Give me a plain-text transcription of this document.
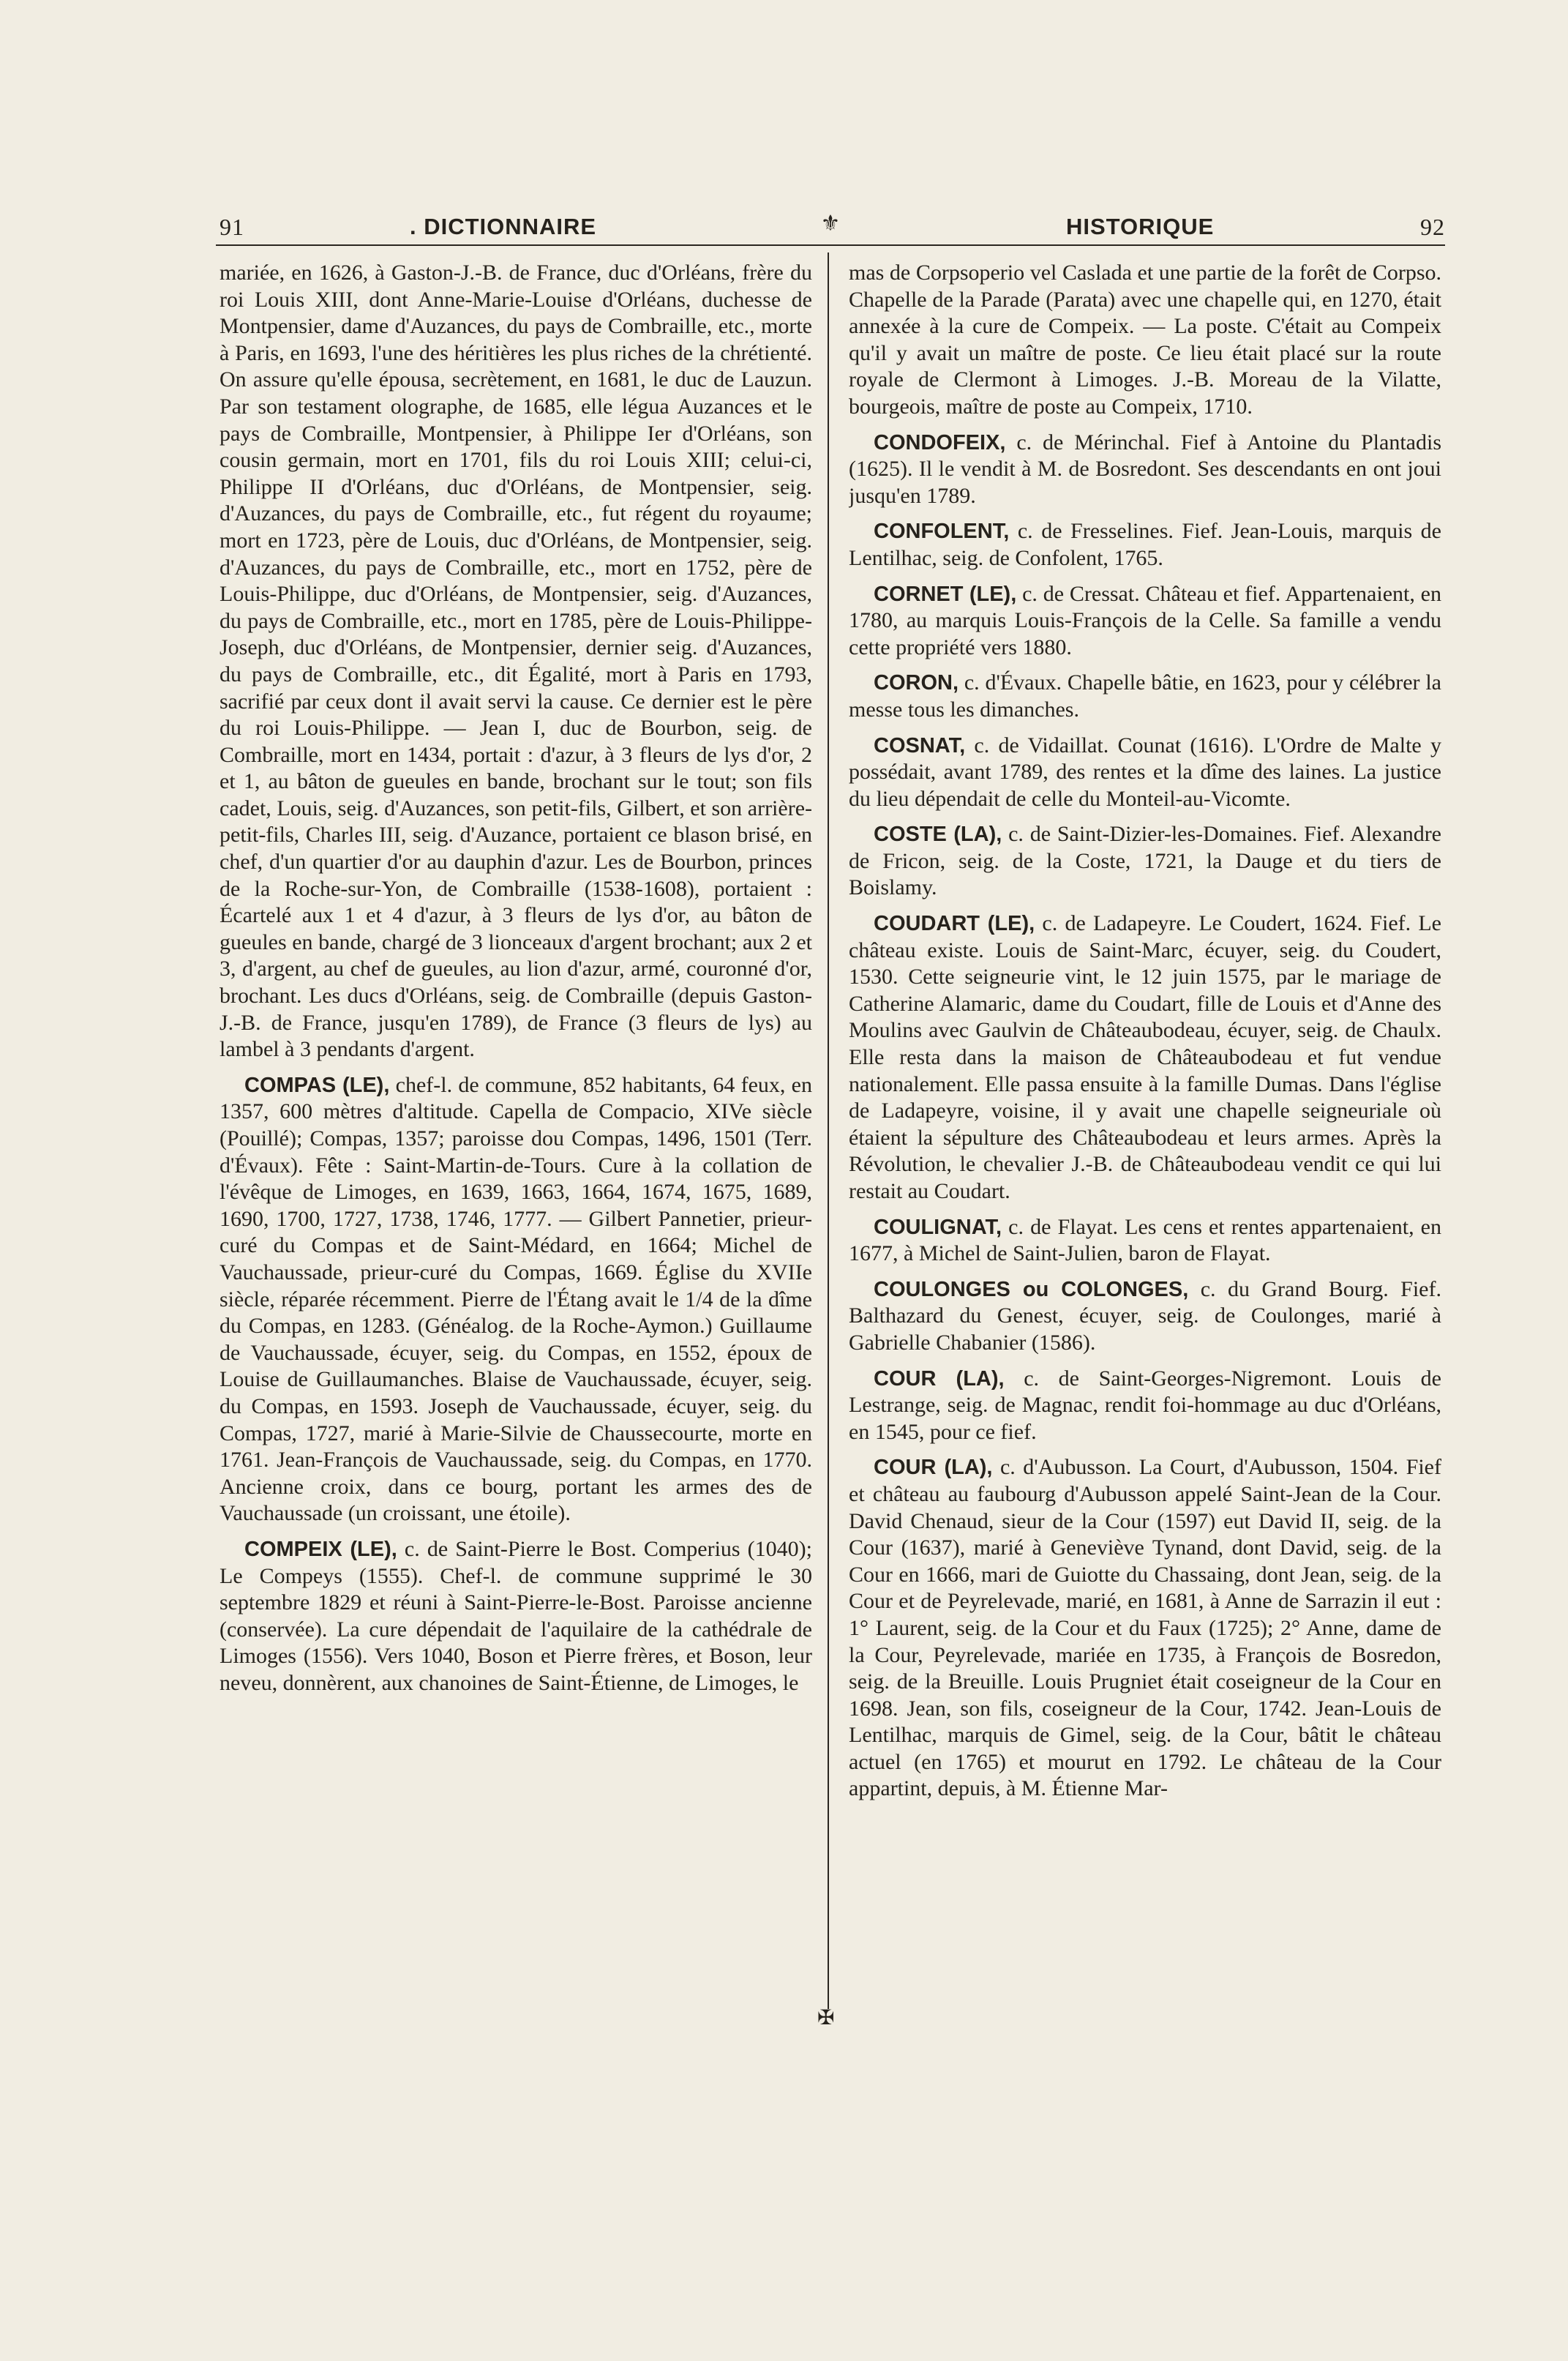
91	. DICTIONNAIRE	⚜	HISTORIQUE	92
✠

mariée, en 1626, à Gaston-J.-B. de France, duc d'Orléans, frère du roi Louis XIII, dont Anne-Marie-Louise d'Orléans, duchesse de Montpensier, dame d'Auzances, du pays de Combraille, etc., morte à Paris, en 1693, l'une des héritières les plus riches de la chrétienté. On assure qu'elle épousa, secrètement, en 1681, le duc de Lauzun. Par son testament olographe, de 1685, elle légua Auzances et le pays de Combraille, Montpensier, à Philippe Ier d'Orléans, son cousin germain, mort en 1701, fils du roi Louis XIII; celui-ci, Philippe II d'Orléans, duc d'Orléans, de Montpensier, seig. d'Auzances, du pays de Combraille, etc., fut régent du royaume; mort en 1723, père de Louis, duc d'Orléans, de Montpensier, seig. d'Auzances, du pays de Combraille, etc., mort en 1752, père de Louis-Philippe, duc d'Orléans, de Montpensier, seig. d'Auzances, du pays de Combraille, etc., mort en 1785, père de Louis-Philippe-Joseph, duc d'Orléans, de Montpensier, dernier seig. d'Auzances, du pays de Combraille, etc., dit Égalité, mort à Paris en 1793, sacrifié par ceux dont il avait servi la cause. Ce dernier est le père du roi Louis-Philippe. — Jean I, duc de Bourbon, seig. de Combraille, mort en 1434, portait : d'azur, à 3 fleurs de lys d'or, 2 et 1, au bâton de gueules en bande, brochant sur le tout; son fils cadet, Louis, seig. d'Auzances, son petit-fils, Gilbert, et son arrière-petit-fils, Charles III, seig. d'Auzance, portaient ce blason brisé, en chef, d'un quartier d'or au dauphin d'azur. Les de Bourbon, princes de la Roche-sur-Yon, de Combraille (1538-1608), portaient : Écartelé aux 1 et 4 d'azur, à 3 fleurs de lys d'or, au bâton de gueules en bande, chargé de 3 lionceaux d'argent brochant; aux 2 et 3, d'argent, au chef de gueules, au lion d'azur, armé, couronné d'or, brochant. Les ducs d'Orléans, seig. de Combraille (depuis Gaston-J.-B. de France, jusqu'en 1789), de France (3 fleurs de lys) au lambel à 3 pendants d'argent.

COMPAS (LE), chef-l. de commune, 852 habitants, 64 feux, en 1357, 600 mètres d'altitude. Capella de Compacio, XIVe siècle (Pouillé); Compas, 1357; paroisse dou Compas, 1496, 1501 (Terr. d'Évaux). Fête : Saint-Martin-de-Tours. Cure à la collation de l'évêque de Limoges, en 1639, 1663, 1664, 1674, 1675, 1689, 1690, 1700, 1727, 1738, 1746, 1777. — Gilbert Pannetier, prieur-curé du Compas et de Saint-Médard, en 1664; Michel de Vauchaussade, prieur-curé du Compas, 1669. Église du XVIIe siècle, réparée récemment. Pierre de l'Étang avait le 1/4 de la dîme du Compas, en 1283. (Généalog. de la Roche-Aymon.) Guillaume de Vauchaussade, écuyer, seig. du Compas, en 1552, époux de Louise de Guillaumanches. Blaise de Vauchaussade, écuyer, seig. du Compas, en 1593. Joseph de Vauchaussade, écuyer, seig. du Compas, 1727, marié à Marie-Silvie de Chaussecourte, morte en 1761. Jean-François de Vauchaussade, seig. du Compas, en 1770. Ancienne croix, dans ce bourg, portant les armes des de Vauchaussade (un croissant, une étoile).

COMPEIX (LE), c. de Saint-Pierre le Bost. Comperius (1040); Le Compeys (1555). Chef-l. de commune supprimé le 30 septembre 1829 et réuni à Saint-Pierre-le-Bost. Paroisse ancienne (conservée). La cure dépendait de l'aquilaire de la cathédrale de Limoges (1556). Vers 1040, Boson et Pierre frères, et Boson, leur neveu, donnèrent, aux chanoines de Saint-Étienne, de Limoges, le

mas de Corpsoperio vel Caslada et une partie de la forêt de Corpso. Chapelle de la Parade (Parata) avec une chapelle qui, en 1270, était annexée à la cure de Compeix. — La poste. C'était au Compeix qu'il y avait un maître de poste. Ce lieu était placé sur la route royale de Clermont à Limoges. J.-B. Moreau de la Vilatte, bourgeois, maître de poste au Compeix, 1710.

CONDOFEIX, c. de Mérinchal. Fief à Antoine du Plantadis (1625). Il le vendit à M. de Bosredont. Ses descendants en ont joui jusqu'en 1789.

CONFOLENT, c. de Fresselines. Fief. Jean-Louis, marquis de Lentilhac, seig. de Confolent, 1765.

CORNET (LE), c. de Cressat. Château et fief. Appartenaient, en 1780, au marquis Louis-François de la Celle. Sa famille a vendu cette propriété vers 1880.

CORON, c. d'Évaux. Chapelle bâtie, en 1623, pour y célébrer la messe tous les dimanches.

COSNAT, c. de Vidaillat. Counat (1616). L'Ordre de Malte y possédait, avant 1789, des rentes et la dîme des laines. La justice du lieu dépendait de celle du Monteil-au-Vicomte.

COSTE (LA), c. de Saint-Dizier-les-Domaines. Fief. Alexandre de Fricon, seig. de la Coste, 1721, la Dauge et du tiers de Boislamy.

COUDART (LE), c. de Ladapeyre. Le Coudert, 1624. Fief. Le château existe. Louis de Saint-Marc, écuyer, seig. du Coudert, 1530. Cette seigneurie vint, le 12 juin 1575, par le mariage de Catherine Alamaric, dame du Coudart, fille de Louis et d'Anne des Moulins avec Gaulvin de Châteaubodeau, écuyer, seig. de Chaulx. Elle resta dans la maison de Châteaubodeau et fut vendue nationalement. Elle passa ensuite à la famille Dumas. Dans l'église de Ladapeyre, voisine, il y avait une chapelle seigneuriale où étaient la sépulture des Châteaubodeau et leurs armes. Après la Révolution, le chevalier J.-B. de Châteaubodeau vendit ce qui lui restait au Coudart.

COULIGNAT, c. de Flayat. Les cens et rentes appartenaient, en 1677, à Michel de Saint-Julien, baron de Flayat.

COULONGES ou COLONGES, c. du Grand Bourg. Fief. Balthazard du Genest, écuyer, seig. de Coulonges, marié à Gabrielle Chabanier (1586).

COUR (LA), c. de Saint-Georges-Nigremont. Louis de Lestrange, seig. de Magnac, rendit foi-hommage au duc d'Orléans, en 1545, pour ce fief.

COUR (LA), c. d'Aubusson. La Court, d'Aubusson, 1504. Fief et château au faubourg d'Aubusson appelé Saint-Jean de la Cour. David Chenaud, sieur de la Cour (1597) eut David II, seig. de la Cour (1637), marié à Geneviève Tynand, dont David, seig. de la Cour en 1666, mari de Guiotte du Chassaing, dont Jean, seig. de la Cour et de Peyrelevade, marié, en 1681, à Anne de Sarrazin il eut : 1° Laurent, seig. de la Cour et du Faux (1725); 2° Anne, dame de la Cour, Peyrelevade, mariée en 1735, à François de Bosredon, seig. de la Breuille. Louis Prugniet était coseigneur de la Cour en 1698. Jean, son fils, coseigneur de la Cour, 1742. Jean-Louis de Lentilhac, marquis de Gimel, seig. de la Cour, bâtit le château actuel (en 1765) et mourut en 1792. Le château de la Cour appartint, depuis, à M. Étienne Mar-
